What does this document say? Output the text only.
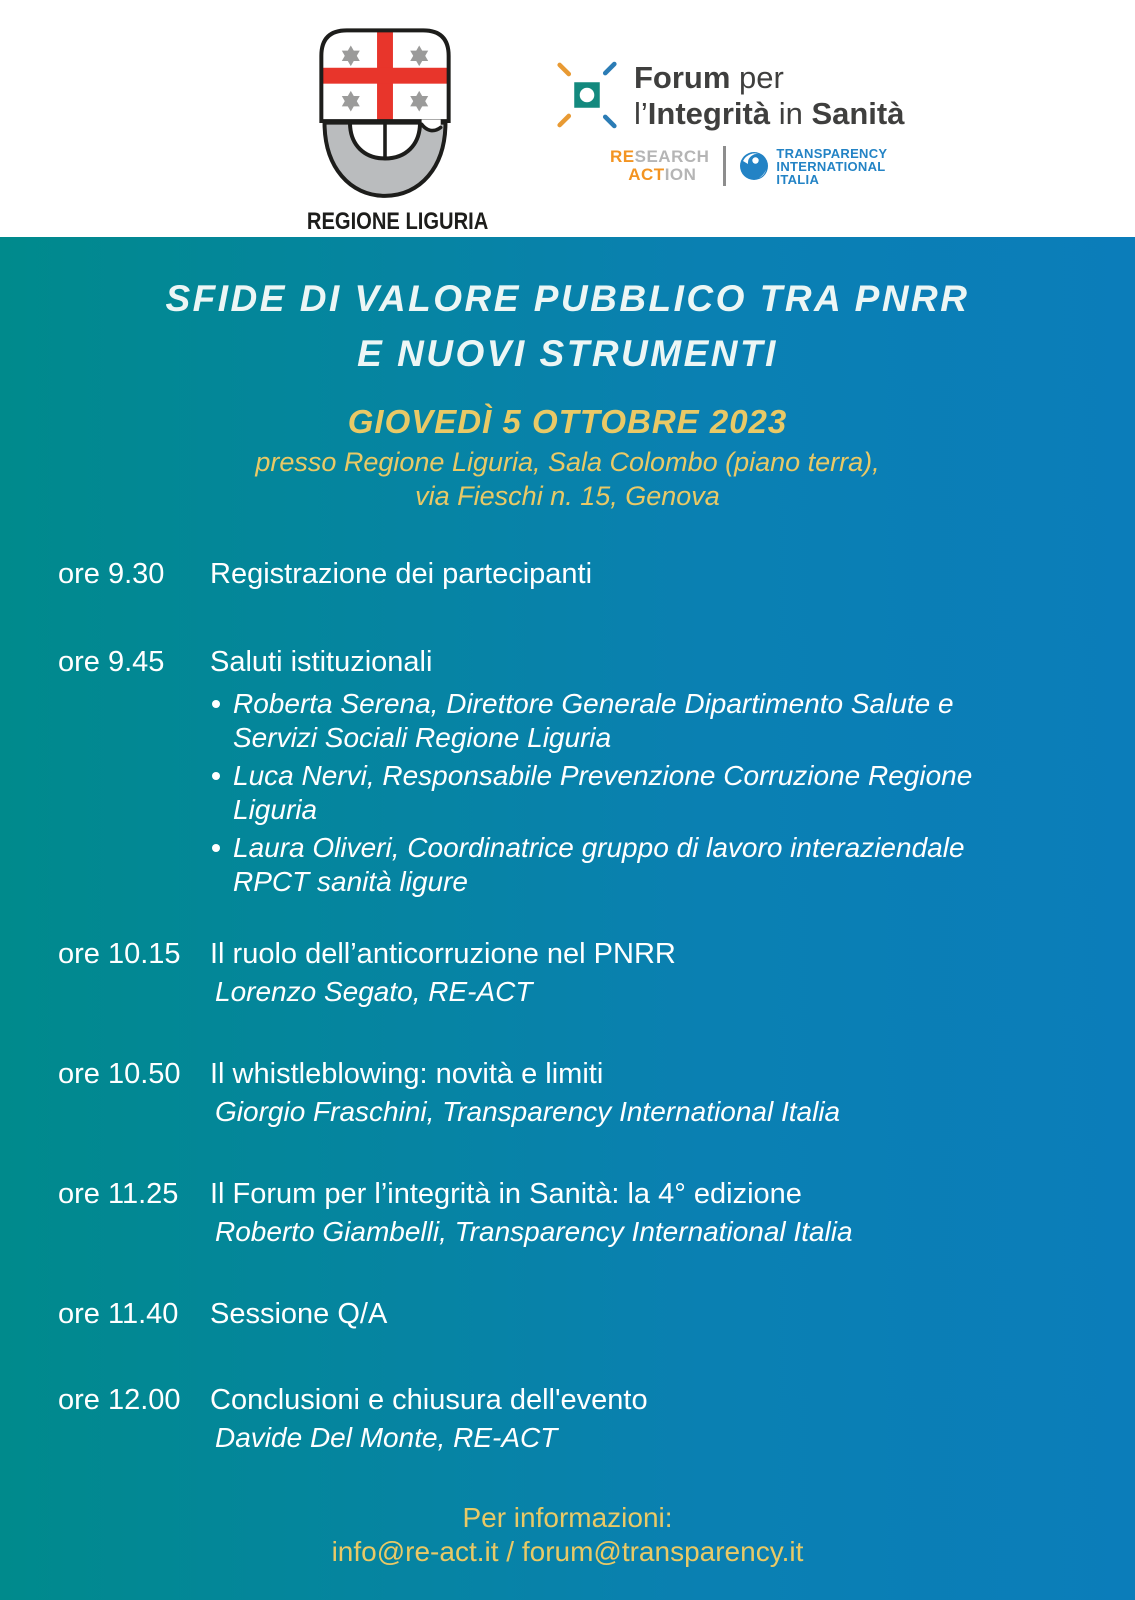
REGIONE LIGURIA
Forum per
l’Integrità in Sanità
RESEARCH
ACTION
TRANSPARENCY
INTERNATIONAL
ITALIA
SFIDE DI VALORE PUBBLICO TRA PNRR
E NUOVI STRUMENTI
GIOVEDÌ 5 OTTOBRE 2023
presso Regione Liguria, Sala Colombo (piano terra),
via Fieschi n. 15, Genova
ore 9.30	Registrazione dei partecipanti
ore 9.45	Saluti istituzionali
Roberta Serena, Direttore Generale Dipartimento Salute e Servizi Sociali Regione Liguria
Luca Nervi, Responsabile Prevenzione Corruzione Regione Liguria
Laura Oliveri, Coordinatrice gruppo di lavoro interaziendale RPCT sanità ligure
ore 10.15	Il ruolo dell’anticorruzione nel PNRR
Lorenzo Segato, RE-ACT
ore 10.50	Il whistleblowing: novità e limiti
Giorgio Fraschini, Transparency International Italia
ore 11.25	Il Forum per l’integrità in Sanità: la 4° edizione
Roberto Giambelli, Transparency International Italia
ore 11.40	Sessione Q/A
ore 12.00	Conclusioni e chiusura dell'evento
Davide Del Monte, RE-ACT
Per informazioni:
info@re-act.it / forum@transparency.it
